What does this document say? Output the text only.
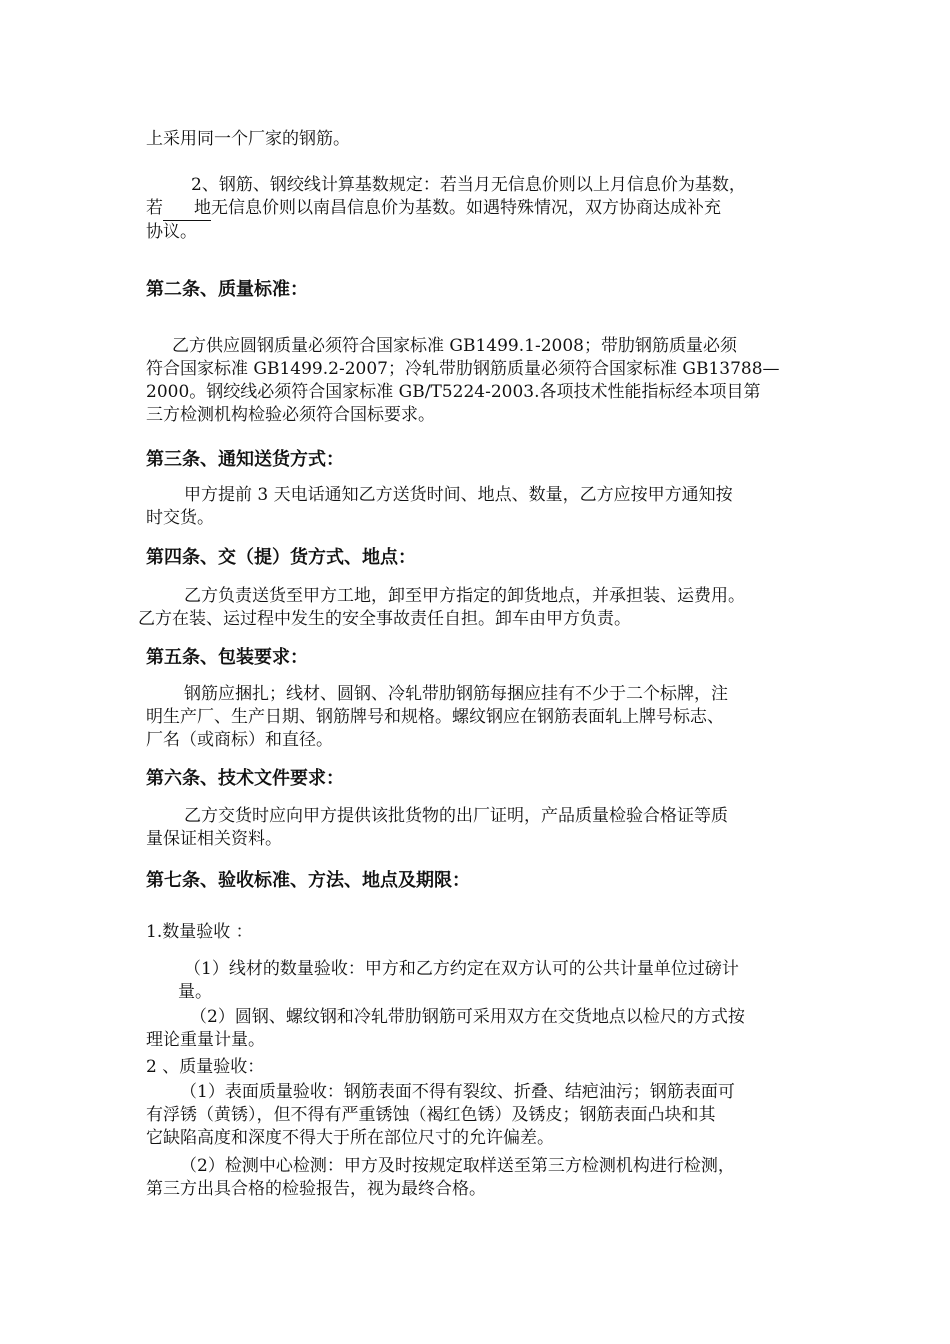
上采用同一个厂家的钢筋。

2、钢筋、钢绞线计算基数规定：若当月无信息价则以上月信息价为基数，
若 地无信息价则以南昌信息价为基数。如遇特殊情况，双方协商达成补充
协议。

第二条、质量标准：

乙方供应圆钢质量必须符合国家标准 GB1499.1-2008；带肋钢筋质量必须
符合国家标准 GB1499.2-2007；冷轧带肋钢筋质量必须符合国家标准 GB13788—
2000。钢绞线必须符合国家标准 GB/T5224-2003.各项技术性能指标经本项目第
三方检测机构检验必须符合国标要求。

第三条、通知送货方式：

甲方提前 3 天电话通知乙方送货时间、地点、数量，乙方应按甲方通知按
时交货。

第四条、交（提）货方式、地点：

乙方负责送货至甲方工地，卸至甲方指定的卸货地点，并承担装、运费用。
乙方在装、运过程中发生的安全事故责任自担。卸车由甲方负责。

第五条、包装要求：

钢筋应捆扎；线材、圆钢、冷轧带肋钢筋每捆应挂有不少于二个标牌，注
明生产厂、生产日期、钢筋牌号和规格。螺纹钢应在钢筋表面轧上牌号标志、
厂名（或商标）和直径。

第六条、技术文件要求：

乙方交货时应向甲方提供该批货物的出厂证明，产品质量检验合格证等质
量保证相关资料。

第七条、验收标准、方法、地点及期限：

1.数量验收 ：

（1）线材的数量验收：甲方和乙方约定在双方认可的公共计量单位过磅计
量。

（2）圆钢、螺纹钢和冷轧带肋钢筋可采用双方在交货地点以检尺的方式按
理论重量计量。

2 、质量验收：

（1）表面质量验收：钢筋表面不得有裂纹、折叠、结疤油污；钢筋表面可
有浮锈（黄锈），但不得有严重锈蚀（褐红色锈）及锈皮；钢筋表面凸块和其
它缺陷高度和深度不得大于所在部位尺寸的允许偏差。

（2）检测中心检测：甲方及时按规定取样送至第三方检测机构进行检测，
第三方出具合格的检验报告，视为最终合格。
